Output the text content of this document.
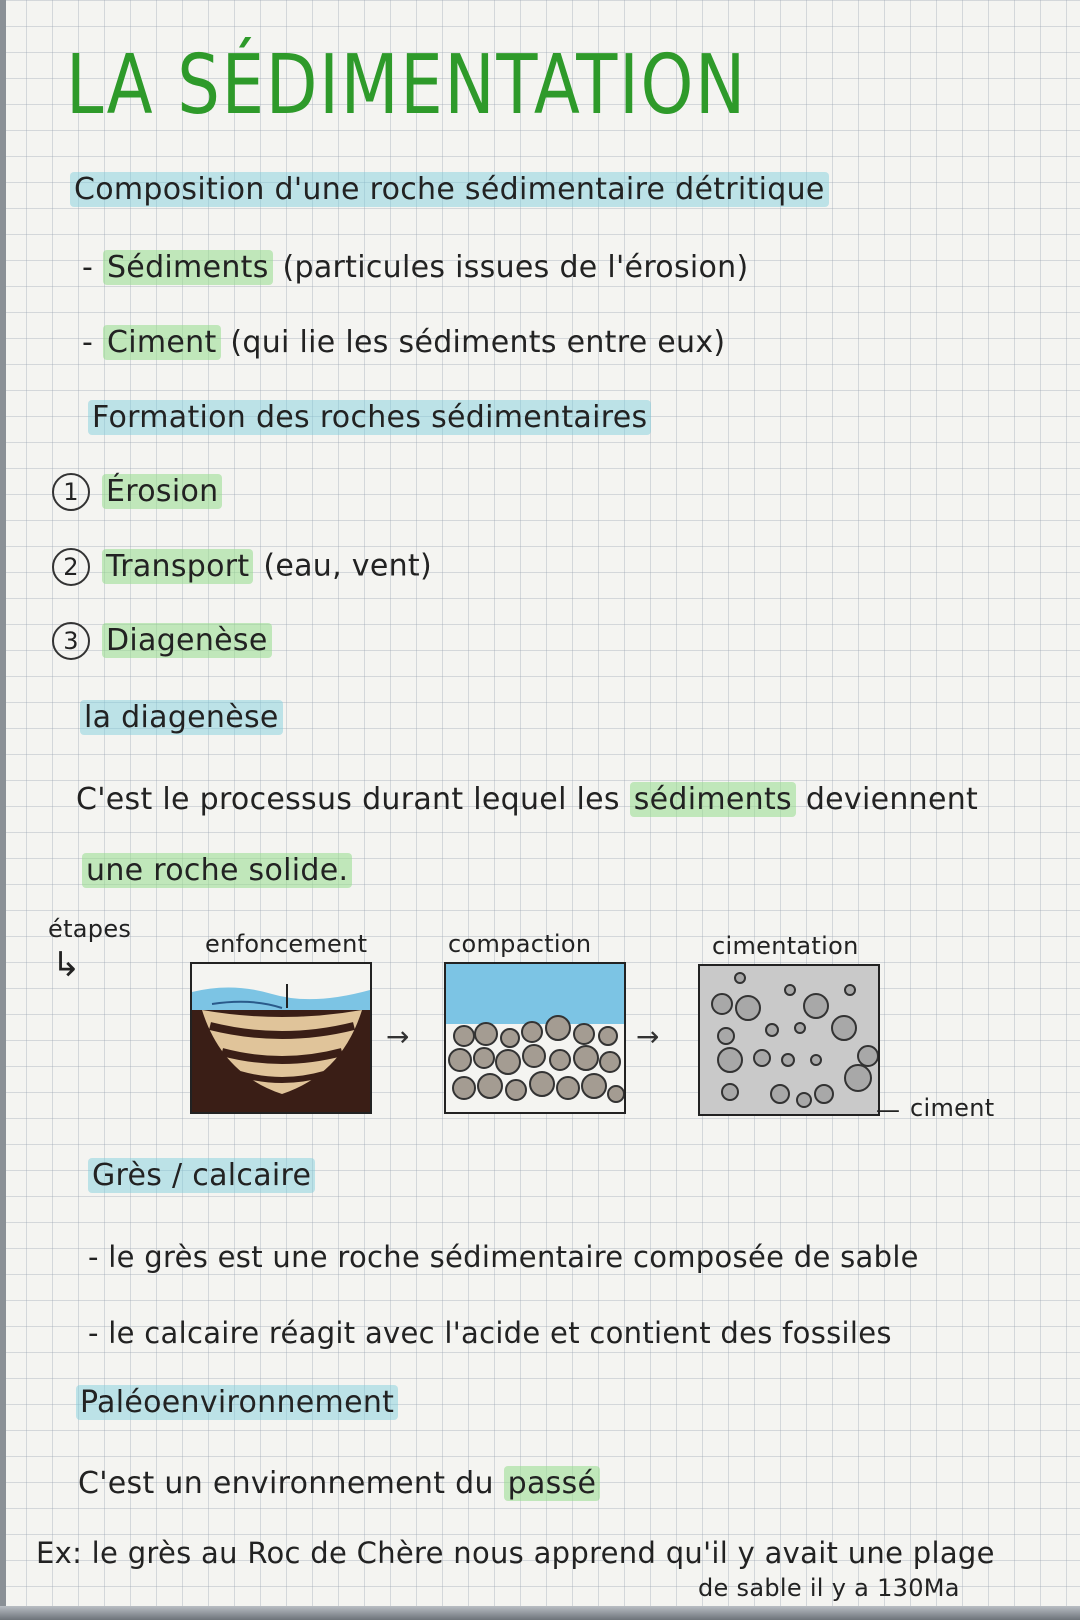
LA SÉDIMENTATION
Composition d'une roche sédimentaire détritique
- Sédiments (particules issues de l'érosion)
- Ciment (qui lie les sédiments entre eux)
Formation des roches sédimentaires
1 Érosion
2 Transport (eau, vent)
3 Diagenèse
la diagenèse
C'est le processus durant lequel les sédiments deviennent
une roche solide.
étapes
↳
enfoncement	compaction	cimentation
→	→
— ciment
Grès / calcaire
- le grès est une roche sédimentaire composée de sable
- le calcaire réagit avec l'acide et contient des fossiles
Paléoenvironnement
C'est un environnement du passé
Ex: le grès au Roc de Chère nous apprend qu'il y avait une plage
de sable il y a 130Ma
